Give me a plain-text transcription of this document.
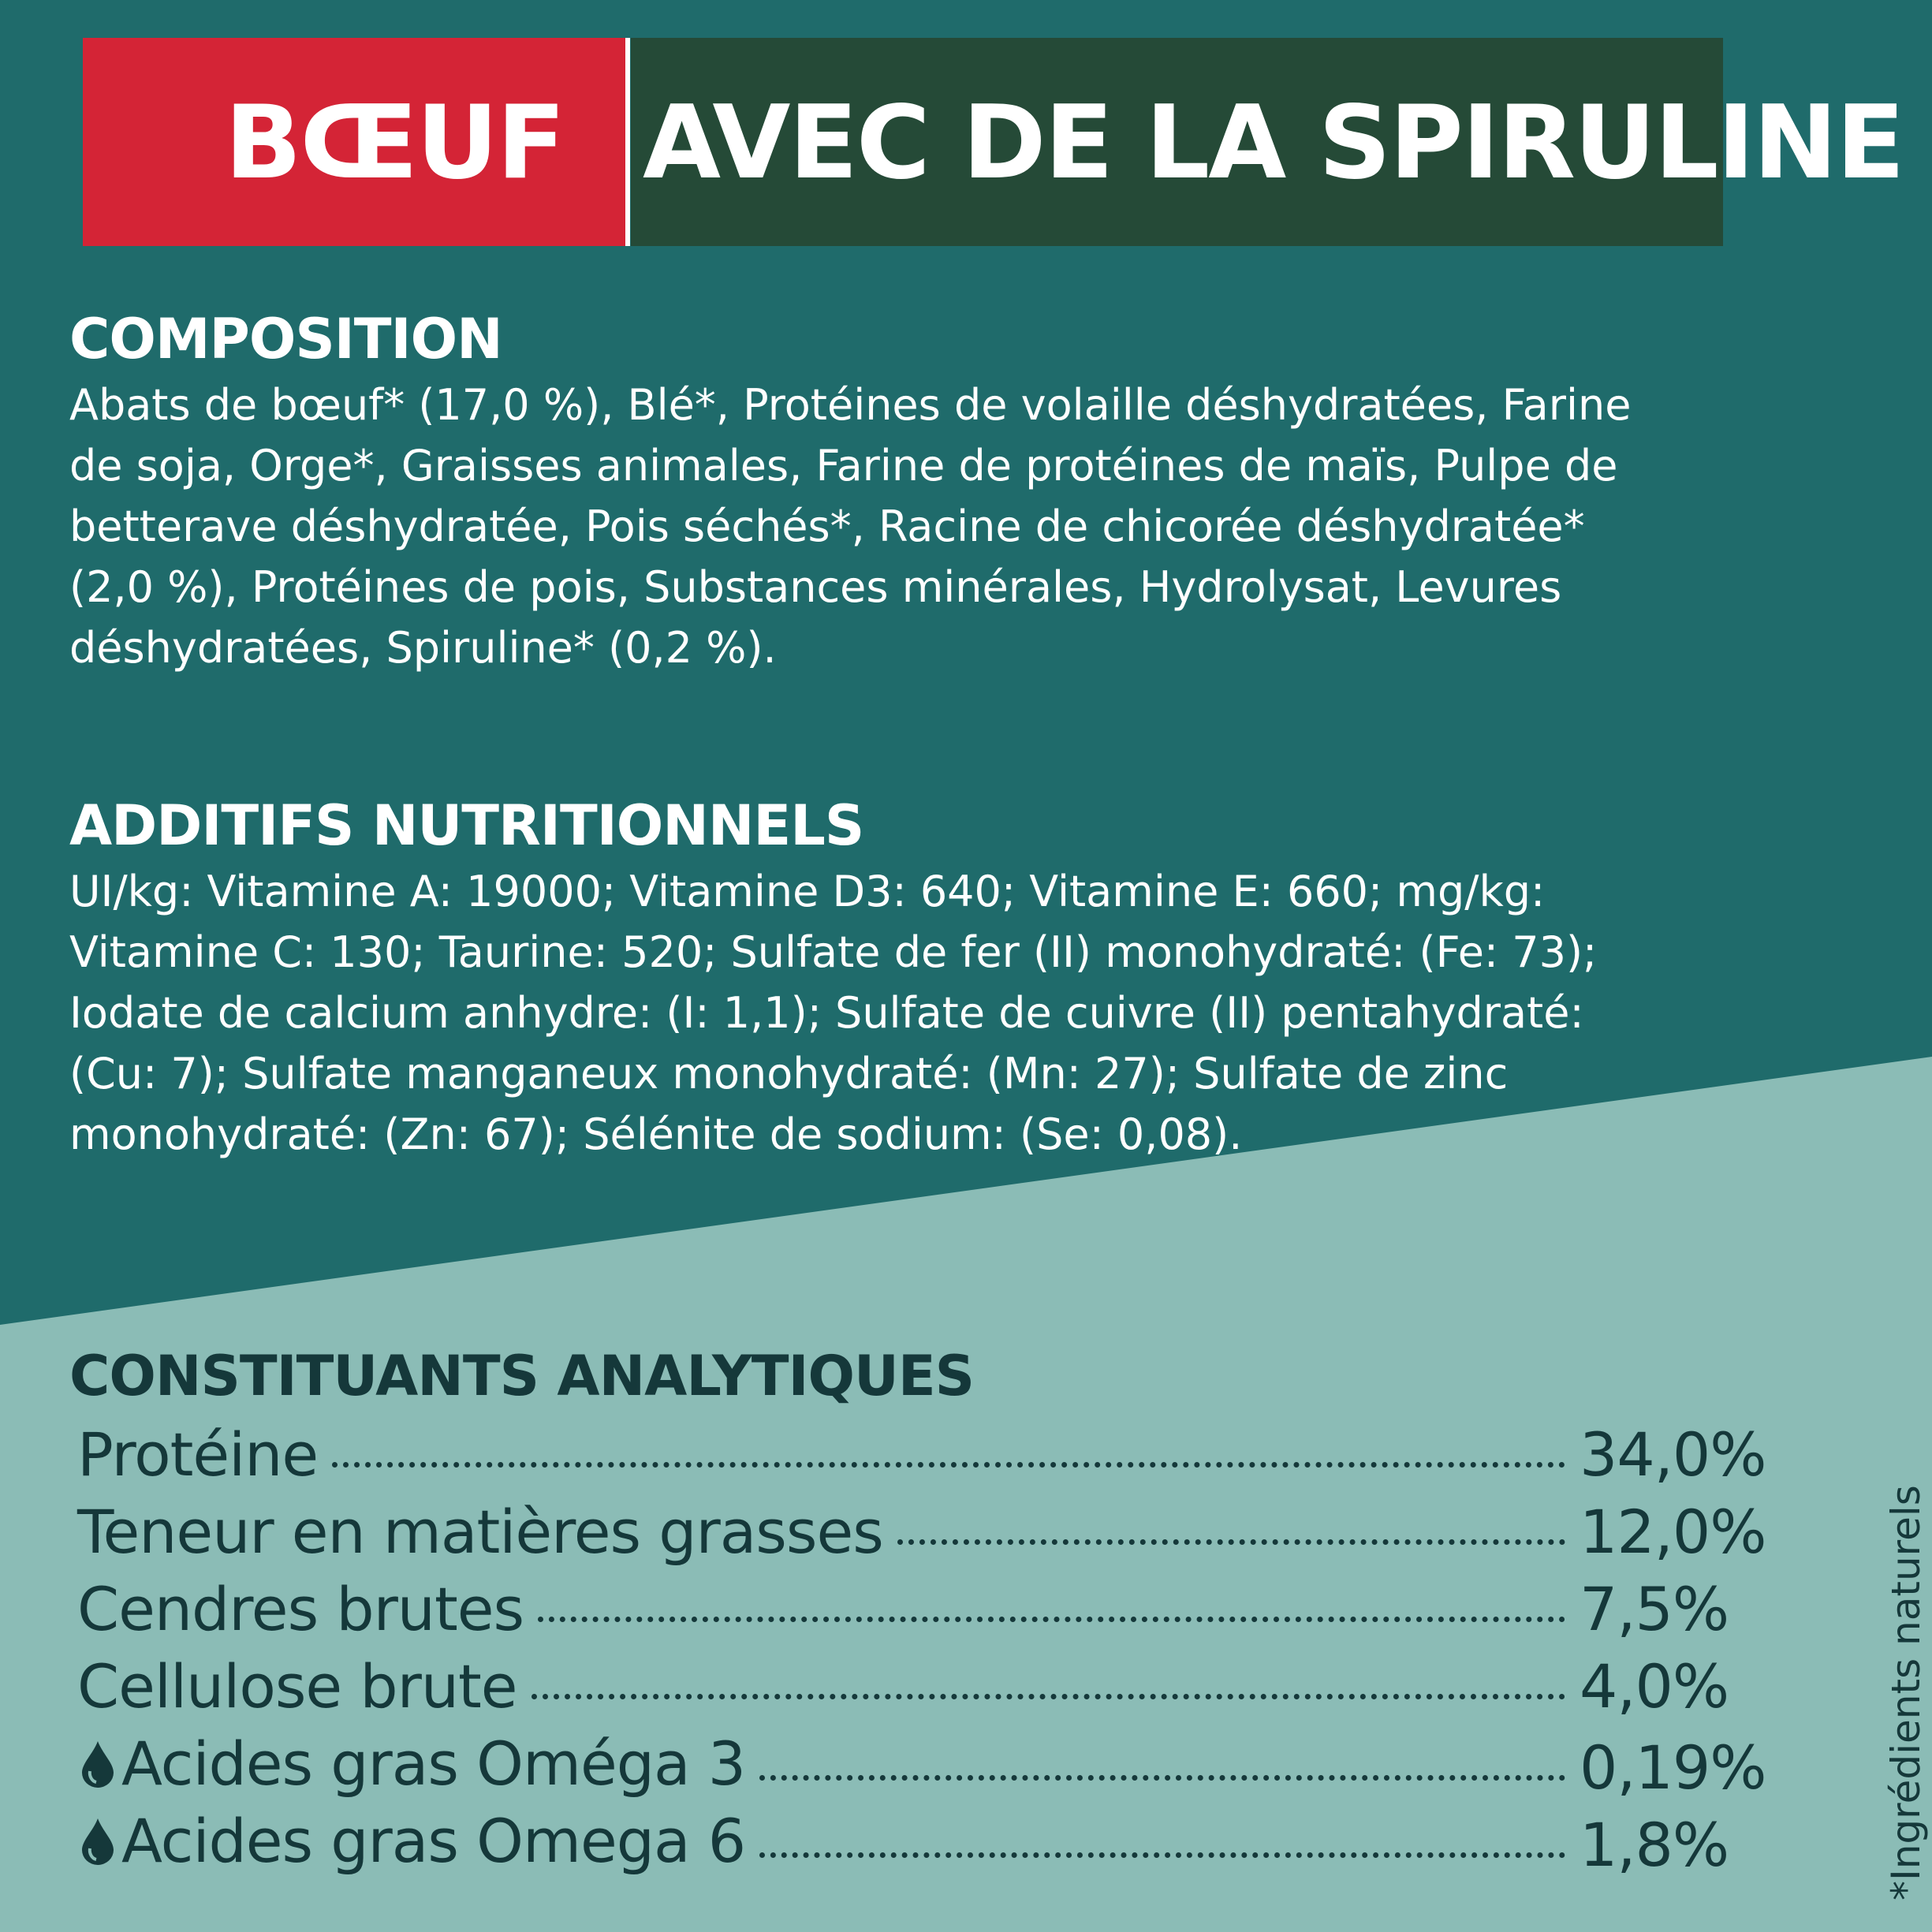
BŒUF AVEC DE LA SPIRULINE
COMPOSITION
Abats de bœuf* (17,0 %), Blé*, Protéines de volaille déshydratées, Farine
de soja, Orge*, Graisses animales, Farine de protéines de maïs, Pulpe de
betterave déshydratée, Pois séchés*, Racine de chicorée déshydratée*
(2,0 %), Protéines de pois, Substances minérales, Hydrolysat, Levures
déshydratées, Spiruline* (0,2 %).
ADDITIFS NUTRITIONNELS
UI/kg: Vitamine A: 19000; Vitamine D3: 640; Vitamine E: 660; mg/kg:
Vitamine C: 130; Taurine: 520; Sulfate de fer (II) monohydraté: (Fe: 73);
Iodate de calcium anhydre: (I: 1,1); Sulfate de cuivre (II) pentahydraté:
(Cu: 7); Sulfate manganeux monohydraté: (Mn: 27); Sulfate de zinc
monohydraté: (Zn: 67); Sélénite de sodium: (Se: 0,08).
CONSTITUANTS ANALYTIQUES
Protéine	34,0%
Teneur en matières grasses	12,0%
Cendres brutes	7,5%
Cellulose brute	4,0%
Acides gras Oméga 3	0,19%
Acides gras Omega 6	1,8%	*Ingrédients naturels
